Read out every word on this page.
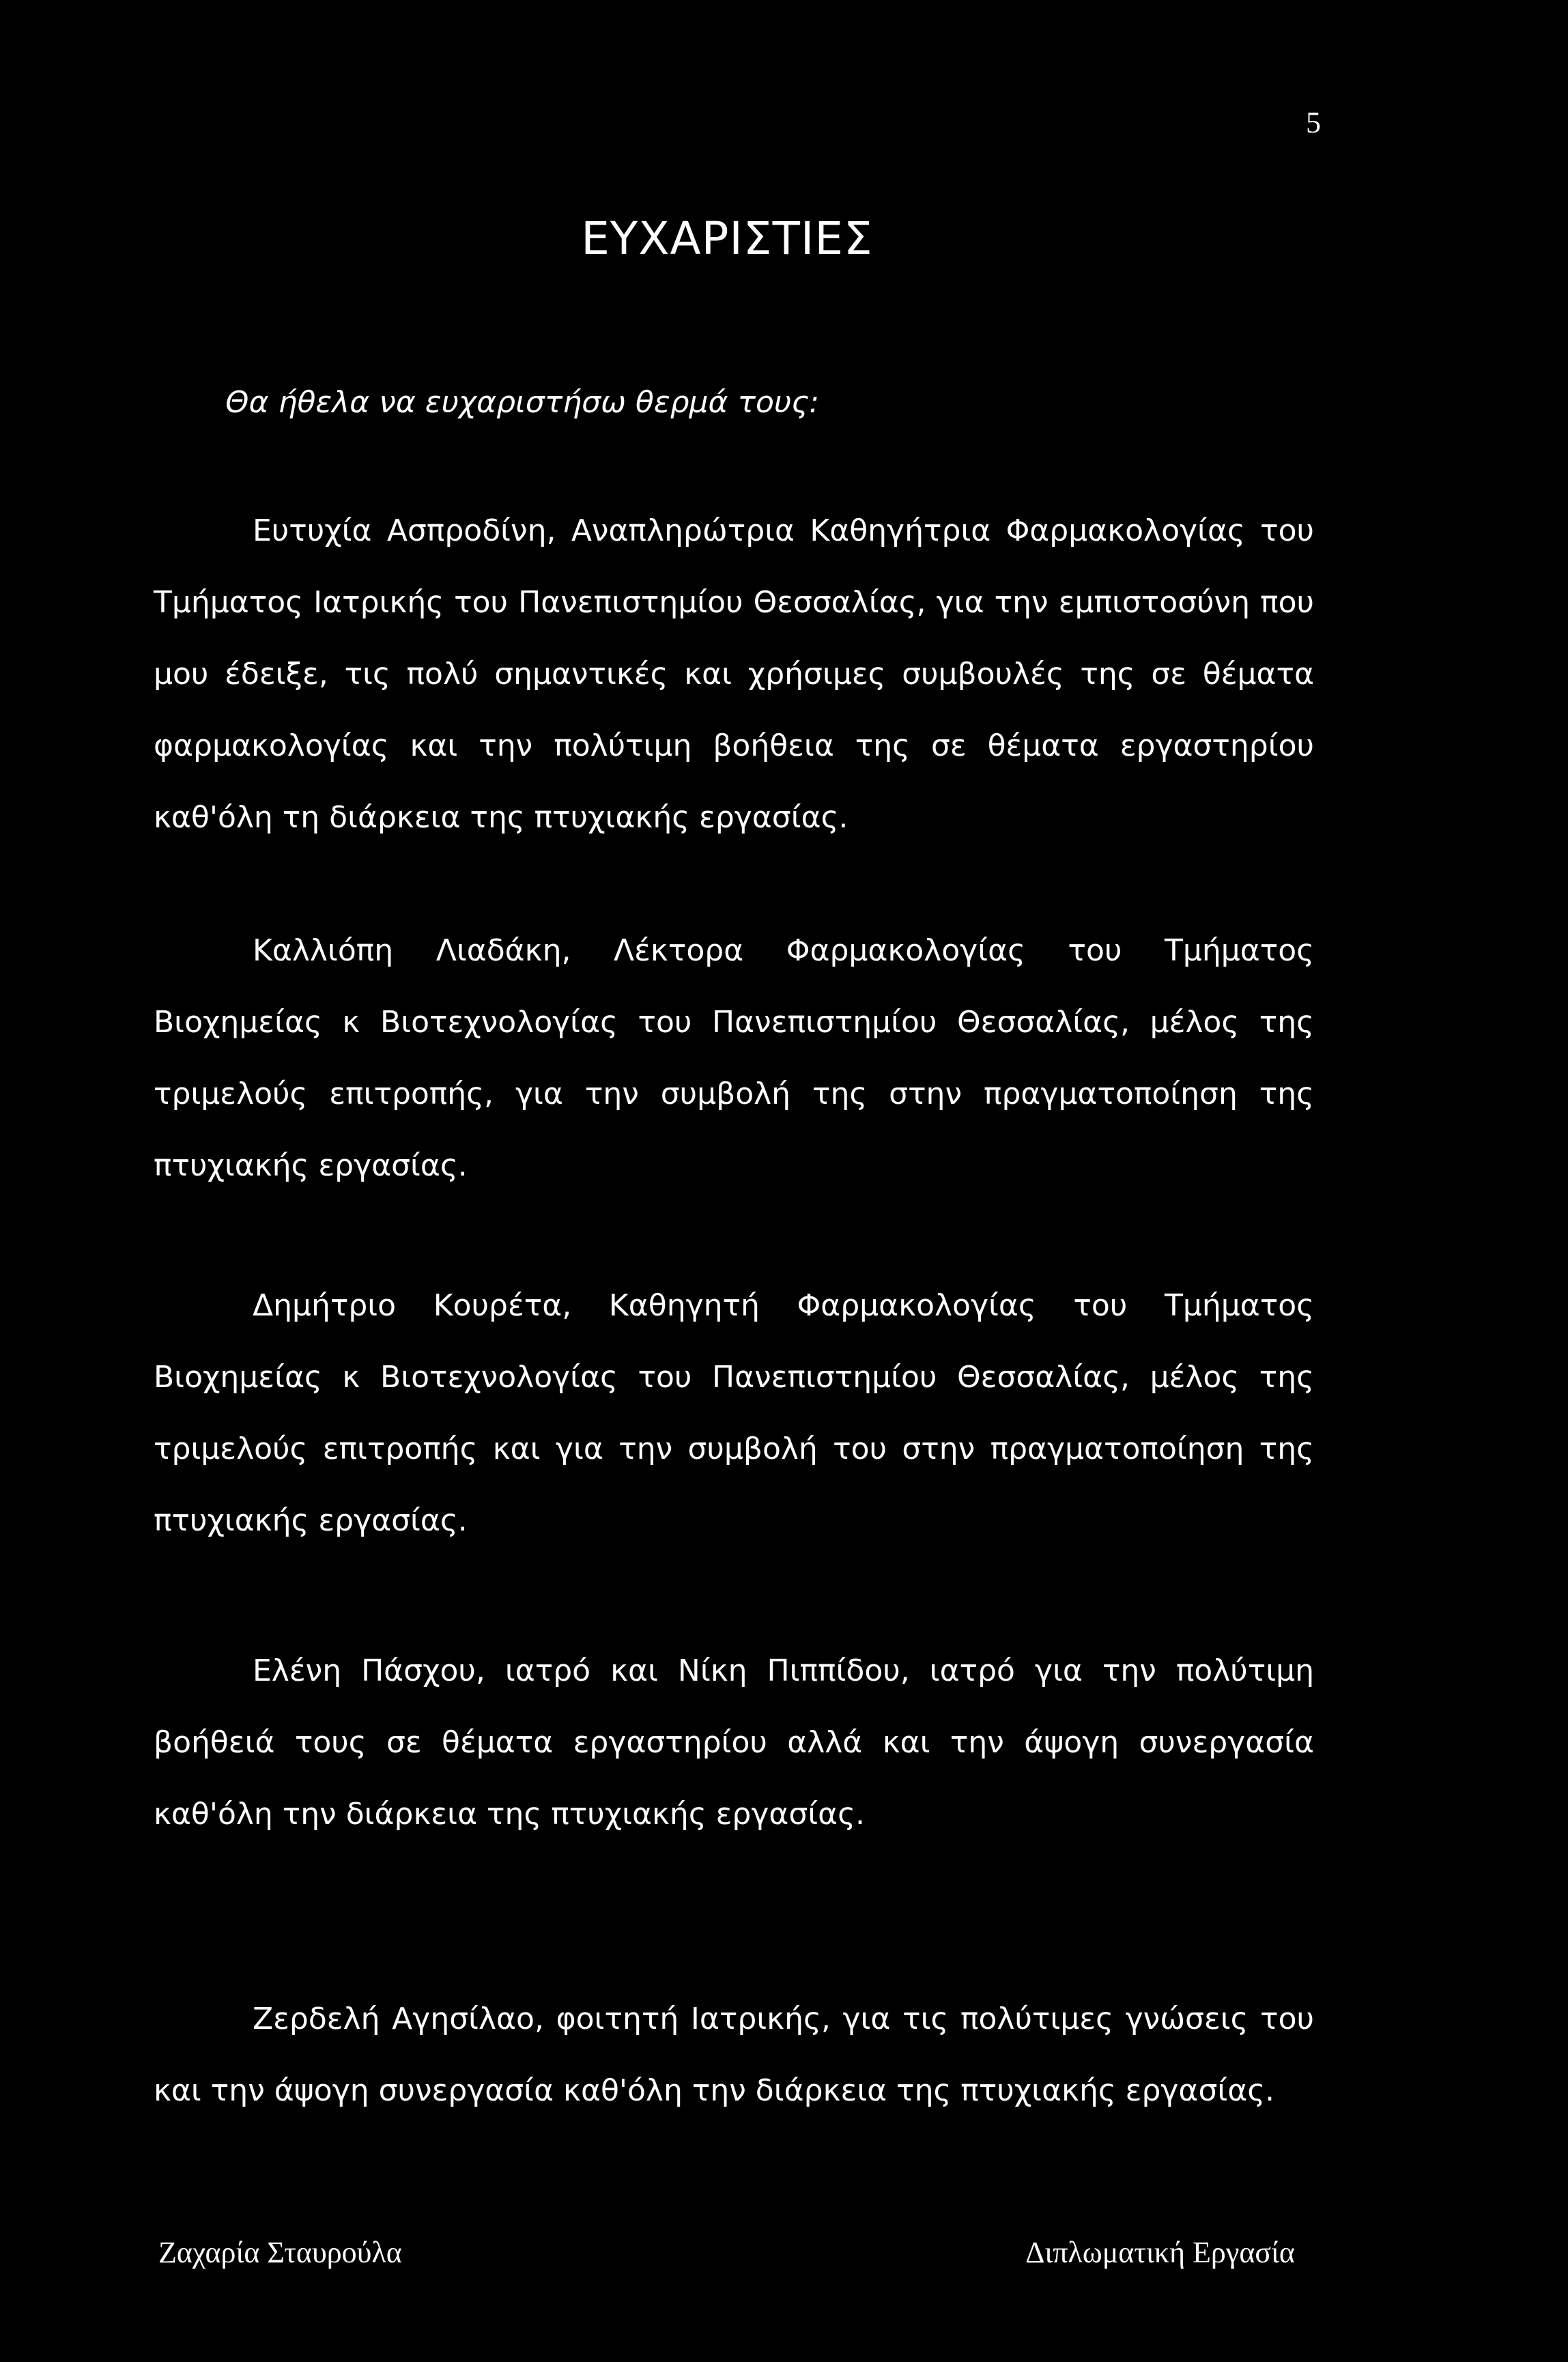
5
ΕΥΧΑΡΙΣΤΙΕΣ
Θα ήθελα να ευχαριστήσω θερμά τους:

Ευτυχία Ασπροδίνη, Αναπληρώτρια Καθηγήτρια Φαρμακολογίας του Τμήματος Ιατρικής του Πανεπιστημίου Θεσσαλίας, για την εμπιστοσύνη που μου έδειξε, τις πολύ σημαντικές και χρήσιμες συμβουλές της σε θέματα φαρμακολογίας και την πολύτιμη βοήθεια της σε θέματα εργαστηρίου καθ'όλη τη διάρκεια της πτυχιακής εργασίας.

Καλλιόπη Λιαδάκη, Λέκτορα Φαρμακολογίας του Τμήματος Βιοχημείας κ Βιοτεχνολογίας του Πανεπιστημίου Θεσσαλίας, μέλος της τριμελούς επιτροπής, για την συμβολή της στην πραγματοποίηση της πτυχιακής εργασίας.

Δημήτριο Κουρέτα, Καθηγητή Φαρμακολογίας του Τμήματος Βιοχημείας κ Βιοτεχνολογίας του Πανεπιστημίου Θεσσαλίας, μέλος της τριμελούς επιτροπής και για την συμβολή του στην πραγματοποίηση της πτυχιακής εργασίας.

Ελένη Πάσχου, ιατρό και Νίκη Πιππίδου, ιατρό για την πολύτιμη βοήθειά τους σε θέματα εργαστηρίου αλλά και την άψογη συνεργασία καθ'όλη την διάρκεια της πτυχιακής εργασίας.

Ζερδελή Αγησίλαο, φοιτητή Ιατρικής, για τις πολύτιμες γνώσεις του και την άψογη συνεργασία καθ'όλη την διάρκεια της πτυχιακής εργασίας.

Ζαχαρία Σταυρούλα	Διπλωματική Εργασία
